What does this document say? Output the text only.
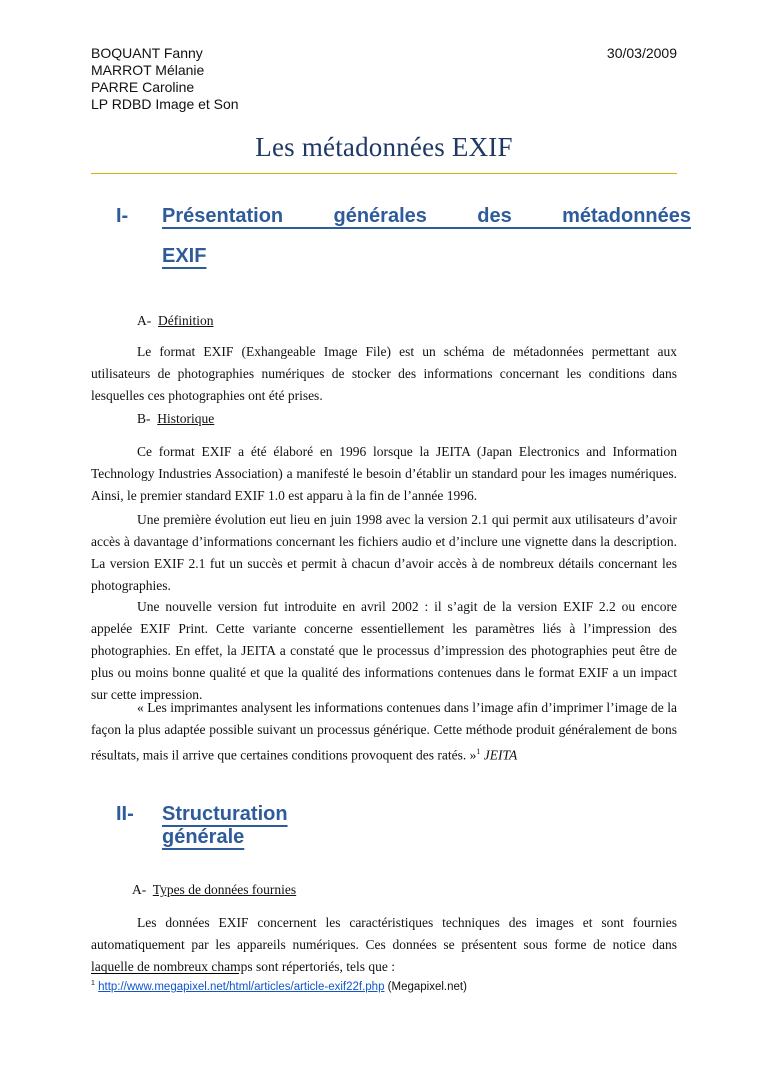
BOQUANT Fanny
MARROT Mélanie
PARRE Caroline
LP RDBD Image et Son
30/03/2009
Les métadonnées EXIF
I- Présentation générales des métadonnées
EXIF
A- Définition

Le format EXIF (Exhangeable Image File) est un schéma de métadonnées permettant aux utilisateurs de photographies numériques de stocker des informations concernant les conditions dans lesquelles ces photographies ont été prises.

B- Historique

Ce format EXIF a été élaboré en 1996 lorsque la JEITA (Japan Electronics and Information Technology Industries Association) a manifesté le besoin d’établir un standard pour les images numériques. Ainsi, le premier standard EXIF 1.0 est apparu à la fin de l’année 1996.

Une première évolution eut lieu en juin 1998 avec la version 2.1 qui permit aux utilisateurs d’avoir accès à davantage d’informations concernant les fichiers audio et d’inclure une vignette dans la description. La version EXIF 2.1 fut un succès et permit à chacun d’avoir accès à de nombreux détails concernant les photographies.

Une nouvelle version fut introduite en avril 2002 : il s’agit de la version EXIF 2.2 ou encore appelée EXIF Print. Cette variante concerne essentiellement les paramètres liés à l’impression des photographies. En effet, la JEITA a constaté que le processus d’impression des photographies peut être de plus ou moins bonne qualité et que la qualité des informations contenues dans le format EXIF a un impact sur cette impression.

« Les imprimantes analysent les informations contenues dans l’image afin d’imprimer l’image de la façon la plus adaptée possible suivant un processus générique. Cette méthode produit généralement de bons résultats, mais il arrive que certaines conditions provoquent des ratés. »$^1$ JEITA

II- Structuration générale
A- Types de données fournies

Les données EXIF concernent les caractéristiques techniques des images et sont fournies automatiquement par les appareils numériques. Ces données se présentent sous forme de notice dans laquelle de nombreux champs sont répertoriés, tels que :

$^1$ http://www.megapixel.net/html/articles/article-exif22f.php (Megapixel.net)
